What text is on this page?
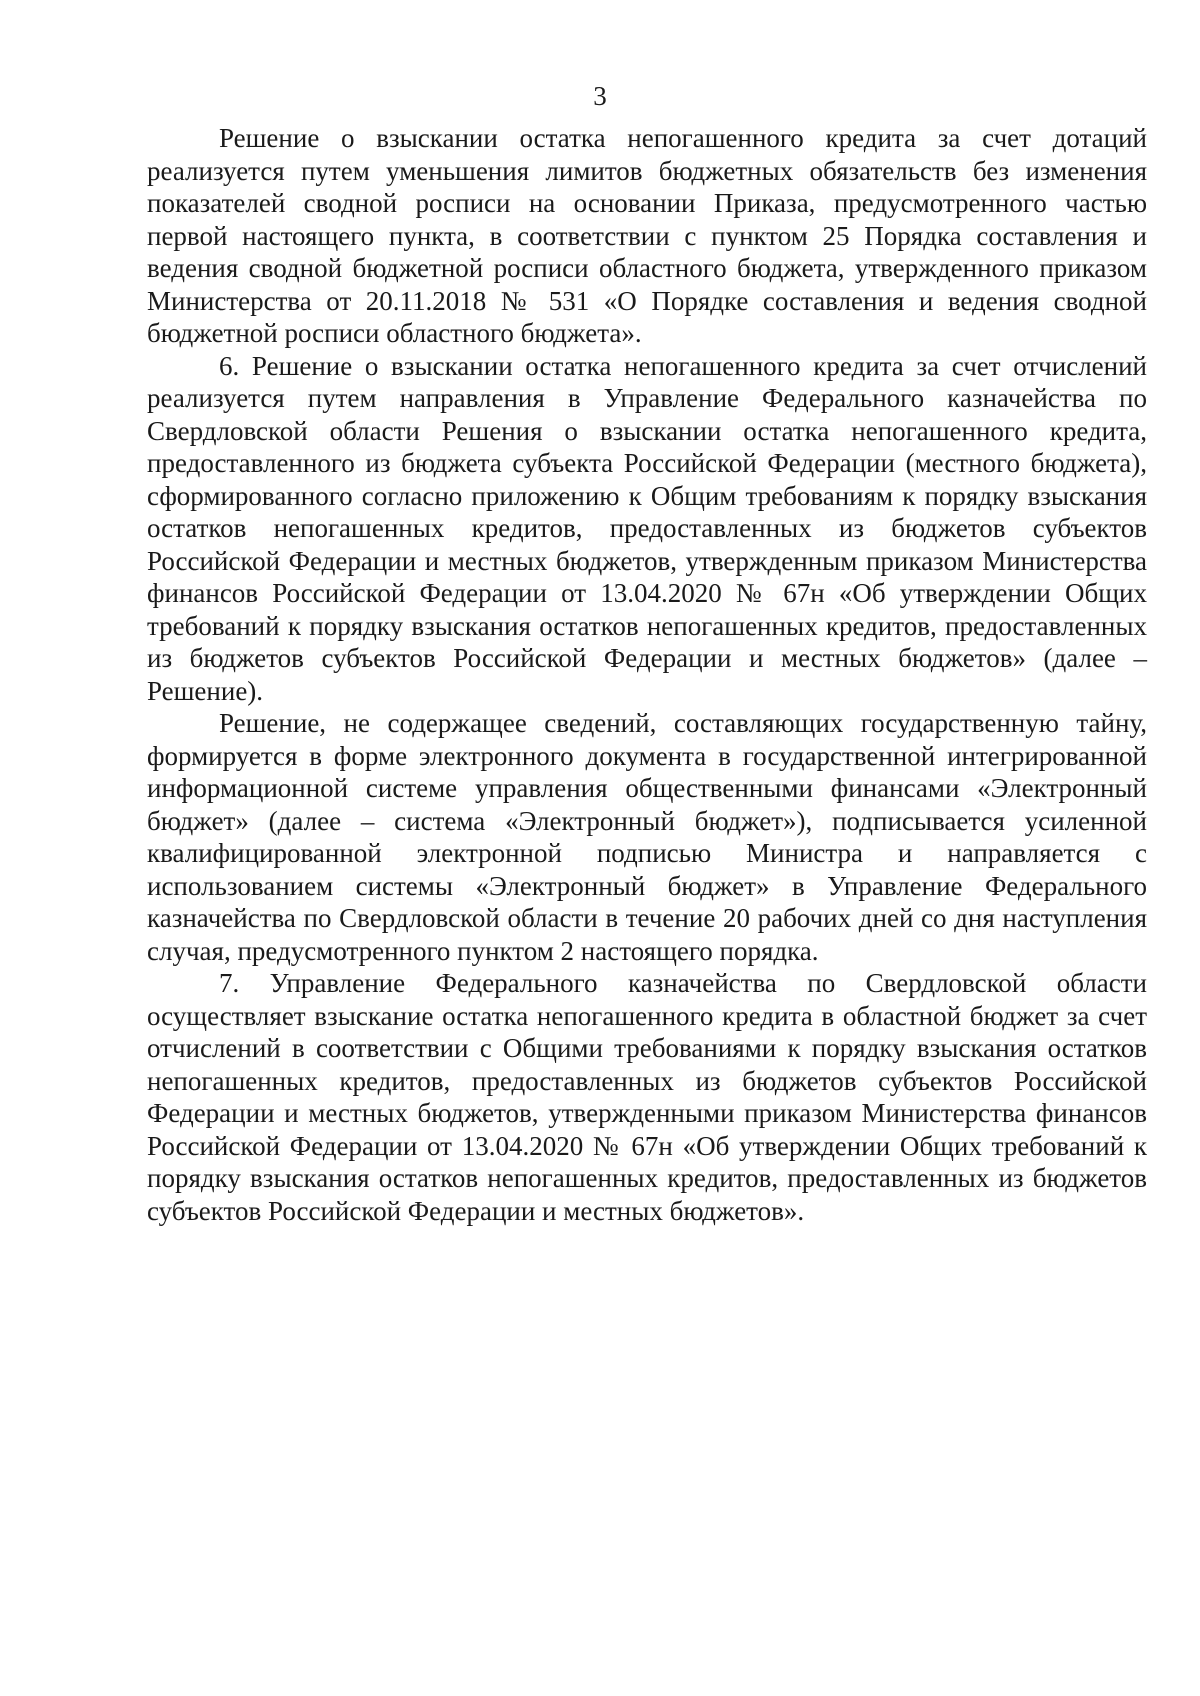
3

Решение о взыскании остатка непогашенного кредита за счет дотаций реализуется путем уменьшения лимитов бюджетных обязательств без изменения показателей сводной росписи на основании Приказа, предусмотренного частью первой настоящего пункта, в соответствии с пунктом 25 Порядка составления и ведения сводной бюджетной росписи областного бюджета, утвержденного приказом Министерства от 20.11.2018 № 531 «О Порядке составления и ведения сводной бюджетной росписи областного бюджета».

6. Решение о взыскании остатка непогашенного кредита за счет отчислений реализуется путем направления в Управление Федерального казначейства по Свердловской области Решения о взыскании остатка непогашенного кредита, предоставленного из бюджета субъекта Российской Федерации (местного бюджета), сформированного согласно приложению к Общим требованиям к порядку взыскания остатков непогашенных кредитов, предоставленных из бюджетов субъектов Российской Федерации и местных бюджетов, утвержденным приказом Министерства финансов Российской Федерации от 13.04.2020 № 67н «Об утверждении Общих требований к порядку взыскания остатков непогашенных кредитов, предоставленных из бюджетов субъектов Российской Федерации и местных бюджетов» (далее – Решение).

Решение, не содержащее сведений, составляющих государственную тайну, формируется в форме электронного документа в государственной интегрированной информационной системе управления общественными финансами «Электронный бюджет» (далее – система «Электронный бюджет»), подписывается усиленной квалифицированной электронной подписью Министра и направляется с использованием системы «Электронный бюджет» в Управление Федерального казначейства по Свердловской области в течение 20 рабочих дней со дня наступления случая, предусмотренного пунктом 2 настоящего порядка.

7. Управление Федерального казначейства по Свердловской области осуществляет взыскание остатка непогашенного кредита в областной бюджет за счет отчислений в соответствии с Общими требованиями к порядку взыскания остатков непогашенных кредитов, предоставленных из бюджетов субъектов Российской Федерации и местных бюджетов, утвержденными приказом Министерства финансов Российской Федерации от 13.04.2020 № 67н «Об утверждении Общих требований к порядку взыскания остатков непогашенных кредитов, предоставленных из бюджетов субъектов Российской Федерации и местных бюджетов».
